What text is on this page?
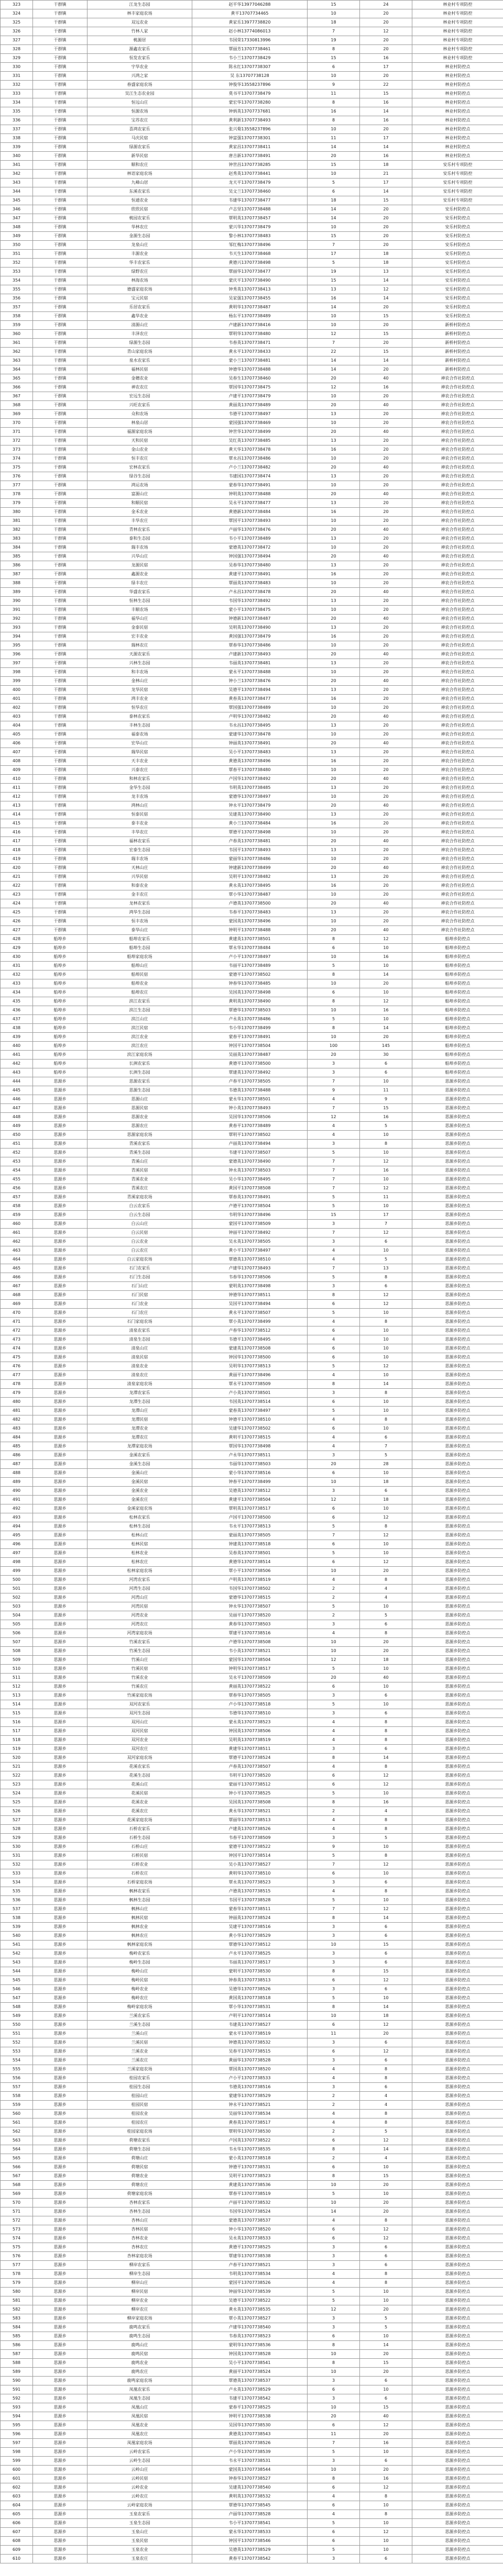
323	干群镇	江龙生态园	赵平华13977046288	15	24	林业村专项防控
324	干群镇	林丰家庭农场	黄平13707734465	10	20	林业村专项防控
325	干群镇	双远农业	黄家乐13977738820	18	20	林业村专项防控
326	干群镇	竹林人家	赵小林13774086013	7	12	林业村专项防控
327	干群镇	桃源居	韦国荣17330813996	19	20	林业村专项防控
328	干群镇	源鑫农家乐	覃丽芳13707738461	8	20	林业村专项防控
329	干群镇	恒发农家乐	韦小兰13707738429	15	16	林业村专项防控
330	干群镇	宇华农业	陈永红13707738307	6	17	林业村防控点
331	干群镇	兴鸿之家	吴 东13707738128	10	20	林业村防控点
332	干群镇	春盛家庭农场	钟俊华13558237896	9	22	林业村防控点
333	干群镇	吴江生态农业园	莫书平13707738479	11	15	林业村防控点
334	干群镇	恒远山庄	蒙宏华13707738280	8	16	林业村防控点
335	干群镇	恒源农场	钟炳英13707737681	16	14	林业村防控点
336	干群镇	宝苏农庄	黄利新13707738493	8	16	林业村防控点
337	干群镇	喜鸿农家乐	张兴菊13558237896	10	20	林业村防控点
338	干群镇	马庆民宿	钟富强13707738301	11	17	林业村防控点
339	干群镇	绿源农家乐	黄家昌13707738411	14	14	林业村防控点
340	干群镇	新华民宿	唐吉新13707738491	20	16	林业村防控点
341	干群镇	顺和农庄	钟世昌13707738285	15	18	安乐村专项防控
342	干群镇	林语家庭农场	赵秀英13707738441	10	21	安乐村专项防控
343	干群镇	九峰山居	龙天平13707738479	5	17	安乐村专项防控
344	干群镇	东溪农家乐	吴文兰13707738460	6	14	安乐村专项防控
345	干群镇	恒通农业	韦建华13707738477	18	15	安乐村专项防控
346	干群镇	欣欣民宿	卢志坚13707738488	14	20	安乐村防控点
347	干群镇	桃园农家乐	覃明英13707738457	14	20	安乐村防控点
348	干群镇	华林农庄	蒙兴华13707738479	10	20	安乐村防控点
349	干群镇	金源生态园	黎小林13707738483	15	20	安乐村防控点
350	干群镇	龙泉山庄	邹红梅13707738496	7	20	安乐村防控点
351	干群镇	丰源农业	韦天生13707738468	17	18	安乐村防控点
352	干群镇	华丰农家乐	黄德兴13707738498	5	18	安乐村防控点
353	干群镇	绿野农庄	覃丽华13707738477	19	13	安乐村防控点
354	干群镇	林海农场	蒙庆平13707738490	15	14	安乐村防控点
355	干群镇	德盛家庭农场	钟秀英13707738413	13	12	安乐村防控点
356	干群镇	宝元民宿	吴家强13707738455	16	14	安乐村防控点
357	干群镇	乐居农家乐	黄明华13707738487	14	20	安乐村防控点
358	干群镇	鑫华农业	杨东平13707738489	10	15	安乐村防控点
359	干群镇	清源山庄	卢建新13707738416	10	20	新桥村防控点
360	干群镇	丰泽农庄	覃明华13707738480	12	15	新桥村防控点
361	干群镇	绿源生态园	韦春英13707738471	7	20	新桥村防控点
362	干群镇	青山家庭农场	黄永平13707738433	22	15	新桥村防控点
363	干群镇	泉水农家乐	蒙小兰13707738481	14	14	新桥村防控点
364	干群镇	福林民宿	钟德华13707738488	14	20	新桥村防控点
365	干群镇	金穗农业	吴春生13707738460	20	40	神农合作社防控点
366	干群镇	神农农庄	覃国华13707738475	12	16	神农合作社防控点
367	干群镇	宏远生态园	卢建平13707738479	10	20	神农合作社防控点
368	干群镇	兴旺农家乐	黄丽英13707738489	20	40	神农合作社防控点
369	干群镇	众和农场	韦德平13707738497	13	20	神农合作社防控点
370	干群镇	林泉山居	蒙国强13707738469	10	20	神农合作社防控点
371	干群镇	福源家庭农场	钟世华13707738499	20	40	神农合作社防控点
372	干群镇	天和民宿	吴红英13707738485	13	20	神农合作社防控点
373	干群镇	金山农业	黄天华13707738478	16	20	神农合作社防控点
374	干群镇	恒丰农庄	覃永昌13707738486	10	20	神农合作社防控点
375	干群镇	宏林农家乐	卢小兰13707738482	20	40	神农合作社防控点
376	干群镇	绿谷生态园	韦建国13707738474	13	20	神农合作社防控点
377	干群镇	鸿运农场	蒙春华13707738491	10	20	神农合作社防控点
378	干群镇	富源山庄	钟明英13707738488	20	40	神农合作社防控点
379	干群镇	和顺民宿	吴永平13707738477	13	20	神农合作社防控点
380	干群镇	金禾农业	黄德新13707738484	16	20	神农合作社防控点
381	干群镇	丰华农庄	覃国平13707738493	10	20	神农合作社防控点
382	干群镇	青林农家乐	卢丽华13707738476	20	40	神农合作社防控点
383	干群镇	泰和生态园	韦小平13707738489	13	20	神农合作社防控点
384	干群镇	瑞丰农场	蒙德英13707738472	10	20	神农合作社防控点
385	干群镇	兴华山庄	钟国强13707738494	20	40	神农合作社防控点
386	干群镇	龙源民宿	吴春华13707738480	13	20	神农合作社防控点
387	干群镇	鑫源农业	黄建平13707738491	16	20	神农合作社防控点
388	干群镇	绿丰农庄	覃丽英13707738483	10	20	神农合作社防控点
389	干群镇	华盛农家乐	卢永昌13707738478	20	40	神农合作社防控点
390	干群镇	恒林生态园	韦国华13707738492	13	20	神农合作社防控点
391	干群镇	丰顺农场	蒙小平13707738475	10	20	神农合作社防控点
392	干群镇	福华山庄	钟德新13707738487	20	40	神农合作社防控点
393	干群镇	金泰民宿	吴明英13707738490	13	20	神农合作社防控点
394	干群镇	宏丰农业	黄国强13707738479	16	20	神农合作社防控点
395	干群镇	瑞林农庄	覃春华13707738486	10	20	神农合作社防控点
396	干群镇	天源农家乐	卢建新13707738493	20	40	神农合作社防控点
397	干群镇	兴林生态园	韦丽英13707738481	13	20	神农合作社防控点
398	干群镇	和丰农场	蒙永平13707738488	10	20	神农合作社防控点
399	干群镇	金林山庄	钟小兰13707738476	20	40	神农合作社防控点
400	干群镇	龙华民宿	吴德平13707738494	13	20	神农合作社防控点
401	干群镇	鸿丰农业	黄春英13707738477	16	20	神农合作社防控点
402	干群镇	恒华农庄	覃国强13707738489	10	20	神农合作社防控点
403	干群镇	泰林农家乐	卢明华13707738482	20	40	神农合作社防控点
404	干群镇	丰林生态园	韦永昌13707738495	13	20	神农合作社防控点
405	干群镇	福泰农场	蒙建华13707738478	10	20	神农合作社防控点
406	干群镇	宏华山庄	钟丽英13707738491	20	40	神农合作社防控点
407	干群镇	瑞华民宿	吴小平13707738483	13	20	神农合作社防控点
408	干群镇	天丰农业	黄德英13707738496	16	20	神农合作社防控点
409	干群镇	兴泰农庄	覃春平13707738480	10	20	神农合作社防控点
410	干群镇	和林农家乐	卢国华13707738492	20	40	神农合作社防控点
411	干群镇	金华生态园	韦明英13707738485	13	20	神农合作社防控点
412	干群镇	龙丰农场	蒙德华13707738497	10	20	神农合作社防控点
413	干群镇	鸿林山庄	钟永平13707738479	20	40	神农合作社防控点
414	干群镇	恒泰民宿	吴建英13707738490	13	20	神农合作社防控点
415	干群镇	泰丰农业	黄小兰13707738484	16	20	神农合作社防控点
416	干群镇	丰华农庄	覃德平13707738498	10	20	神农合作社防控点
417	干群镇	福林农家乐	卢春英13707738481	20	40	神农合作社防控点
418	干群镇	宏泰生态园	韦国平13707738493	13	20	神农合作社防控点
419	干群镇	瑞丰农场	蒙丽华13707738486	10	20	神农合作社防控点
420	干群镇	天林山庄	钟建新13707738499	20	40	神农合作社防控点
421	干群镇	兴华民宿	吴明平13707738482	13	20	神农合作社防控点
422	干群镇	和泰农业	黄永英13707738495	16	20	神农合作社防控点
423	干群镇	金丰农庄	覃小华13707738487	10	20	神农合作社防控点
424	干群镇	龙林农家乐	卢德英13707738500	20	40	神农合作社防控点
425	干群镇	鸿华生态园	韦春平13707738483	13	20	神农合作社防控点
426	干群镇	恒丰农场	蒙国英13707738496	10	20	神农合作社防控点
427	干群镇	泰华山庄	钟明平13707738488	20	40	神农合作社防控点
428	船埠乡	船埠农家乐	黄建英13707738501	8	12	船埠乡防控点
429	船埠乡	船埠生态园	覃永华13707738484	6	10	船埠乡防控点
430	船埠乡	船埠家庭农场	卢小平13707738497	10	16	船埠乡防控点
431	船埠乡	船埠山庄	韦丽平13707738489	5	10	船埠乡防控点
432	船埠乡	船埠民宿	蒙德平13707738502	8	14	船埠乡防控点
433	船埠乡	船埠农业	钟春华13707738485	10	20	船埠乡防控点
434	船埠乡	船埠农庄	吴国英13707738498	6	10	船埠乡防控点
435	船埠乡	滨江农家乐	黄明英13707738490	8	12	船埠乡防控点
436	船埠乡	滨江生态园	覃德华13707738503	10	16	船埠乡防控点
437	船埠乡	滨江山庄	卢永英13707738486	5	10	船埠乡防控点
438	船埠乡	滨江民宿	韦小华13707738499	8	14	船埠乡防控点
439	船埠乡	滨江农业	蒙春平13707738491	10	20	船埠乡防控点
440	船埠乡	滨江农庄	钟国平13707738504	100	145	船埠乡防控点
441	船埠乡	滨江家庭农场	吴丽英13707738487	20	30	船埠乡防控点
442	船埠乡	长洲农家乐	黄德平13707738500	3	6	船埠乡防控点
443	船埠乡	长洲生态园	覃建英13707738492	3	6	船埠乡防控点
444	思源乡	思源农家乐	卢春平13707738505	7	10	思源乡防控点
445	思源乡	思源生态园	韦德英13707738488	9	11	思源乡防控点
446	思源乡	思源山庄	蒙永华13707738501	4	9	思源乡防控点
447	思源乡	思源民宿	钟小英13707738493	7	15	思源乡防控点
448	思源乡	思源农业	吴国华13707738506	12	16	思源乡防控点
449	思源乡	思源农庄	黄春平13707738489	4	5	思源乡防控点
450	思源乡	思源家庭农场	覃明平13707738502	4	10	思源乡防控点
451	思源乡	青溪农家乐	卢丽英13707738494	3	8	思源乡防控点
452	思源乡	青溪生态园	韦建平13707738507	5	10	思源乡防控点
453	思源乡	青溪山庄	蒙德英13707738490	7	12	思源乡防控点
454	思源乡	青溪民宿	钟永英13707738503	7	16	思源乡防控点
455	思源乡	青溪农业	吴小华13707738495	7	10	思源乡防控点
456	思源乡	青溪农庄	黄国平13707738508	7	12	思源乡防控点
457	思源乡	青溪家庭农场	覃春英13707738491	5	11	思源乡防控点
458	思源乡	白云农家乐	卢德平13707738504	5	10	思源乡防控点
459	思源乡	白云生态园	韦明华13707738496	15	17	思源乡防控点
460	思源乡	白云山庄	蒙国平13707738509	3	7	思源乡防控点
461	思源乡	白云民宿	钟丽平13707738492	7	12	思源乡防控点
462	思源乡	白云农业	吴永英13707738505	3	6	思源乡防控点
463	思源乡	白云农庄	黄小平13707738497	4	10	思源乡防控点
464	思源乡	白云家庭农场	覃德英13707738510	4	5	思源乡防控点
465	思源乡	石门农家乐	卢建华13707738493	7	13	思源乡防控点
466	思源乡	石门生态园	韦春华13707738506	5	8	思源乡防控点
467	思源乡	石门山庄	蒙明英13707738498	3	6	思源乡防控点
468	思源乡	石门民宿	钟德华13707738511	8	12	思源乡防控点
469	思源乡	石门农业	吴国平13707738494	6	12	思源乡防控点
470	思源乡	石门农庄	黄永平13707738507	5	10	思源乡防控点
471	思源乡	石门家庭农场	覃小英13707738499	4	8	思源乡防控点
472	思源乡	清泉农家乐	卢春华13707738512	6	10	思源乡防控点
473	思源乡	清泉生态园	韦德平13707738495	4	10	思源乡防控点
474	思源乡	清泉山庄	蒙建英13707738508	6	10	思源乡防控点
475	思源乡	清泉民宿	钟国华13707738500	6	10	思源乡防控点
476	思源乡	清泉农业	吴明华13707738513	5	12	思源乡防控点
477	思源乡	清泉农庄	黄丽平13707738496	4	10	思源乡防控点
478	思源乡	清泉家庭农场	覃永平13707738509	8	14	思源乡防控点
479	思源乡	龙潭农家乐	卢小英13707738501	3	8	思源乡防控点
480	思源乡	龙潭生态园	韦国英13707738514	6	10	思源乡防控点
481	思源乡	龙潭山庄	蒙春英13707738497	5	10	思源乡防控点
482	思源乡	龙潭民宿	钟德平13707738510	4	8	思源乡防控点
483	思源乡	龙潭农业	吴建华13707738502	6	10	思源乡防控点
484	思源乡	龙潭农庄	黄明平13707738515	4	6	思源乡防控点
485	思源乡	龙潭家庭农场	覃国华13707738498	4	7	思源乡防控点
486	思源乡	金溪农家乐	卢永华13707738511	3	5	思源乡防控点
487	思源乡	金溪生态园	韦丽华13707738503	20	28	思源乡防控点
488	思源乡	金溪山庄	蒙小华13707738516	6	10	思源乡防控点
489	思源乡	金溪民宿	钟春平13707738499	10	18	思源乡防控点
490	思源乡	金溪农业	吴德英13707738512	3	6	思源乡防控点
491	思源乡	金溪农庄	黄建平13707738504	12	18	思源乡防控点
492	思源乡	金溪家庭农场	覃明英13707738517	6	10	思源乡防控点
493	思源乡	松林农家乐	卢国平13707738500	6	12	思源乡防控点
494	思源乡	松林生态园	韦永平13707738513	5	8	思源乡防控点
495	思源乡	松林山庄	蒙丽英13707738505	7	12	思源乡防控点
496	思源乡	松林民宿	钟建英13707738518	6	10	思源乡防控点
497	思源乡	松林农业	吴春英13707738501	5	10	思源乡防控点
498	思源乡	松林农庄	黄德华13707738514	6	12	思源乡防控点
499	思源乡	松林家庭农场	覃小平13707738506	10	20	思源乡防控点
500	思源乡	河湾农家乐	卢明英13707738519	4	8	思源乡防控点
501	思源乡	河湾生态园	韦国华13707738502	2	4	思源乡防控点
502	思源乡	河湾山庄	蒙德华13707738515	2	4	思源乡防控点
503	思源乡	河湾民宿	钟永华13707738507	5	10	思源乡防控点
504	思源乡	河湾农业	吴丽平13707738520	2	5	思源乡防控点
505	思源乡	河湾农庄	黄春华13707738503	3	6	思源乡防控点
506	思源乡	河湾家庭农场	覃建平13707738516	4	8	思源乡防控点
507	思源乡	竹溪农家乐	卢德华13707738508	10	20	思源乡防控点
508	思源乡	竹溪生态园	韦小英13707738521	10	20	思源乡防控点
509	思源乡	竹溪山庄	蒙国华13707738504	12	18	思源乡防控点
510	思源乡	竹溪民宿	钟明华13707738517	5	10	思源乡防控点
511	思源乡	竹溪农业	吴永平13707738509	20	40	思源乡防控点
512	思源乡	竹溪农庄	黄丽英13707738522	6	10	思源乡防控点
513	思源乡	竹溪家庭农场	覃春华13707738505	3	6	思源乡防控点
514	思源乡	双河农家乐	卢小华13707738518	5	10	思源乡防控点
515	思源乡	双河生态园	韦德华13707738510	3	6	思源乡防控点
516	思源乡	双河山庄	蒙永英13707738523	4	8	思源乡防控点
517	思源乡	双河民宿	钟国英13707738506	4	8	思源乡防控点
518	思源乡	双河农业	吴明英13707738519	4	8	思源乡防控点
519	思源乡	双河农庄	黄建华13707738511	3	6	思源乡防控点
520	思源乡	双河家庭农场	覃德平13707738524	8	14	思源乡防控点
521	思源乡	花溪农家乐	卢春英13707738507	4	8	思源乡防控点
522	思源乡	花溪生态园	韦明平13707738520	6	12	思源乡防控点
523	思源乡	花溪山庄	蒙丽平13707738512	6	12	思源乡防控点
524	思源乡	花溪民宿	钟小平13707738525	5	10	思源乡防控点
525	思源乡	花溪农业	吴国英13707738508	8	16	思源乡防控点
526	思源乡	花溪农庄	黄永华13707738521	2	4	思源乡防控点
527	思源乡	花溪家庭农场	覃丽华13707738513	4	8	思源乡防控点
528	思源乡	石桥农家乐	卢建英13707738526	4	8	思源乡防控点
529	思源乡	石桥生态园	韦春平13707738509	3	5	思源乡防控点
530	思源乡	石桥山庄	蒙德平13707738522	9	10	思源乡防控点
531	思源乡	石桥民宿	钟国平13707738514	5	8	思源乡防控点
532	思源乡	石桥农业	吴小英13707738527	7	12	思源乡防控点
533	思源乡	石桥农庄	黄明华13707738510	6	10	思源乡防控点
534	思源乡	石桥家庭农场	覃永英13707738523	3	6	思源乡防控点
535	思源乡	枫林农家乐	卢德英13707738515	4	8	思源乡防控点
536	思源乡	枫林生态园	韦国平13707738528	5	10	思源乡防控点
537	思源乡	枫林山庄	蒙春华13707738511	7	12	思源乡防控点
538	思源乡	枫林民宿	钟丽英13707738524	8	14	思源乡防控点
539	思源乡	枫林农业	吴建平13707738516	3	6	思源乡防控点
540	思源乡	枫林农庄	黄小华13707738529	3	6	思源乡防控点
541	思源乡	枫林家庭农场	覃德华13707738512	10	15	思源乡防控点
542	思源乡	梅岭农家乐	卢永平13707738525	3	6	思源乡防控点
543	思源乡	梅岭生态园	韦丽英13707738517	3	6	思源乡防控点
544	思源乡	梅岭山庄	蒙明平13707738530	8	15	思源乡防控点
545	思源乡	梅岭民宿	钟春英13707738513	6	12	思源乡防控点
546	思源乡	梅岭农业	吴德华13707738526	3	6	思源乡防控点
547	思源乡	梅岭农庄	黄国英13707738518	5	10	思源乡防控点
548	思源乡	梅岭家庭农场	覃小华13707738531	8	14	思源乡防控点
549	思源乡	兰溪农家乐	卢明平13707738514	10	18	思源乡防控点
550	思源乡	兰溪生态园	韦建英13707738527	6	12	思源乡防控点
551	思源乡	兰溪山庄	蒙永平13707738519	11	20	思源乡防控点
552	思源乡	兰溪民宿	钟德英13707738532	3	6	思源乡防控点
553	思源乡	兰溪农业	吴春平13707738515	6	12	思源乡防控点
554	思源乡	兰溪农庄	黄丽华13707738528	3	6	思源乡防控点
555	思源乡	兰溪家庭农场	覃国英13707738520	4	8	思源乡防控点
556	思源乡	桂园农家乐	卢小平13707738533	4	8	思源乡防控点
557	思源乡	桂园生态园	韦德英13707738516	3	6	思源乡防控点
558	思源乡	桂园山庄	蒙建华13707738529	2	4	思源乡防控点
559	思源乡	桂园民宿	钟永平13707738521	2	4	思源乡防控点
560	思源乡	桂园农业	吴丽华13707738534	4	8	思源乡防控点
561	思源乡	桂园农庄	黄春英13707738517	4	8	思源乡防控点
562	思源乡	桂园家庭农场	覃明华13707738530	2	5	思源乡防控点
563	思源乡	荷塘农家乐	卢国英13707738522	6	12	思源乡防控点
564	思源乡	荷塘生态园	韦永华13707738535	8	14	思源乡防控点
565	思源乡	荷塘山庄	蒙小英13707738518	2	4	思源乡防控点
566	思源乡	荷塘民宿	钟德平13707738531	6	10	思源乡防控点
567	思源乡	荷塘农业	吴明平13707738523	8	15	思源乡防控点
568	思源乡	荷塘农庄	黄建英13707738536	10	20	思源乡防控点
569	思源乡	荷塘家庭农场	覃春平13707738519	5	10	思源乡防控点
570	思源乡	杏林农家乐	卢丽平13707738532	10	20	思源乡防控点
571	思源乡	杏林生态园	韦国华13707738524	14	20	思源乡防控点
572	思源乡	杏林山庄	蒙德英13707738537	4	8	思源乡防控点
573	思源乡	杏林民宿	钟小华13707738520	6	12	思源乡防控点
574	思源乡	杏林农业	吴永英13707738533	6	12	思源乡防控点
575	思源乡	杏林农庄	黄德平13707738525	3	6	思源乡防控点
576	思源乡	杏林家庭农场	覃建华13707738538	3	6	思源乡防控点
577	思源乡	柳岸农家乐	卢春平13707738521	3	6	思源乡防控点
578	思源乡	柳岸生态园	韦明英13707738534	4	8	思源乡防控点
579	思源乡	柳岸山庄	蒙国平13707738526	4	8	思源乡防控点
580	思源乡	柳岸民宿	钟丽华13707738539	5	10	思源乡防控点
581	思源乡	柳岸农业	吴德平13707738522	5	10	思源乡防控点
582	思源乡	柳岸农庄	黄永英13707738535	12	20	思源乡防控点
583	思源乡	柳岸家庭农场	覃小英13707738527	3	5	思源乡防控点
584	思源乡	鹿鸣农家乐	卢建华13707738540	3	5	思源乡防控点
585	思源乡	鹿鸣生态园	韦春英13707738523	6	10	思源乡防控点
586	思源乡	鹿鸣山庄	蒙明华13707738536	8	14	思源乡防控点
587	思源乡	鹿鸣民宿	钟国英13707738528	10	20	思源乡防控点
588	思源乡	鹿鸣农业	吴小平13707738541	8	15	思源乡防控点
589	思源乡	鹿鸣农庄	黄丽平13707738524	10	20	思源乡防控点
590	思源乡	鹿鸣家庭农场	覃德英13707738537	3	6	思源乡防控点
591	思源乡	凤凰农家乐	卢永英13707738529	6	10	思源乡防控点
592	思源乡	凤凰生态园	韦建平13707738542	3	6	思源乡防控点
593	思源乡	凤凰山庄	蒙春平13707738525	10	15	思源乡防控点
594	思源乡	凤凰民宿	钟明平13707738538	20	40	思源乡防控点
595	思源乡	凤凰农业	吴国华13707738530	6	12	思源乡防控点
596	思源乡	凤凰农庄	黄德英13707738543	11	20	思源乡防控点
597	思源乡	凤凰家庭农场	覃丽英13707738526	7	16	思源乡防控点
598	思源乡	云岭农家乐	卢小华13707738539	5	10	思源乡防控点
599	思源乡	云岭生态园	韦永平13707738531	3	6	思源乡防控点
600	思源乡	云岭山庄	蒙国英13707738544	10	20	思源乡防控点
601	思源乡	云岭民宿	钟春华13707738527	8	16	思源乡防控点
602	思源乡	云岭农业	吴建英13707738540	6	12	思源乡防控点
603	思源乡	云岭农庄	黄明英13707738532	4	8	思源乡防控点
604	思源乡	云岭家庭农场	覃德华13707738545	6	10	思源乡防控点
605	思源乡	玉泉农家乐	卢丽华13707738528	4	8	思源乡防控点
606	思源乡	玉泉生态园	韦小平13707738541	5	10	思源乡防控点
607	思源乡	玉泉山庄	蒙永华13707738533	6	12	思源乡防控点
608	思源乡	玉泉民宿	钟国平13707738546	6	10	思源乡防控点
609	思源乡	玉泉农业	吴德英13707738529	5	10	思源乡防控点
610	思源乡	玉泉农庄	黄春平13707738542	3	6	思源乡防控点
